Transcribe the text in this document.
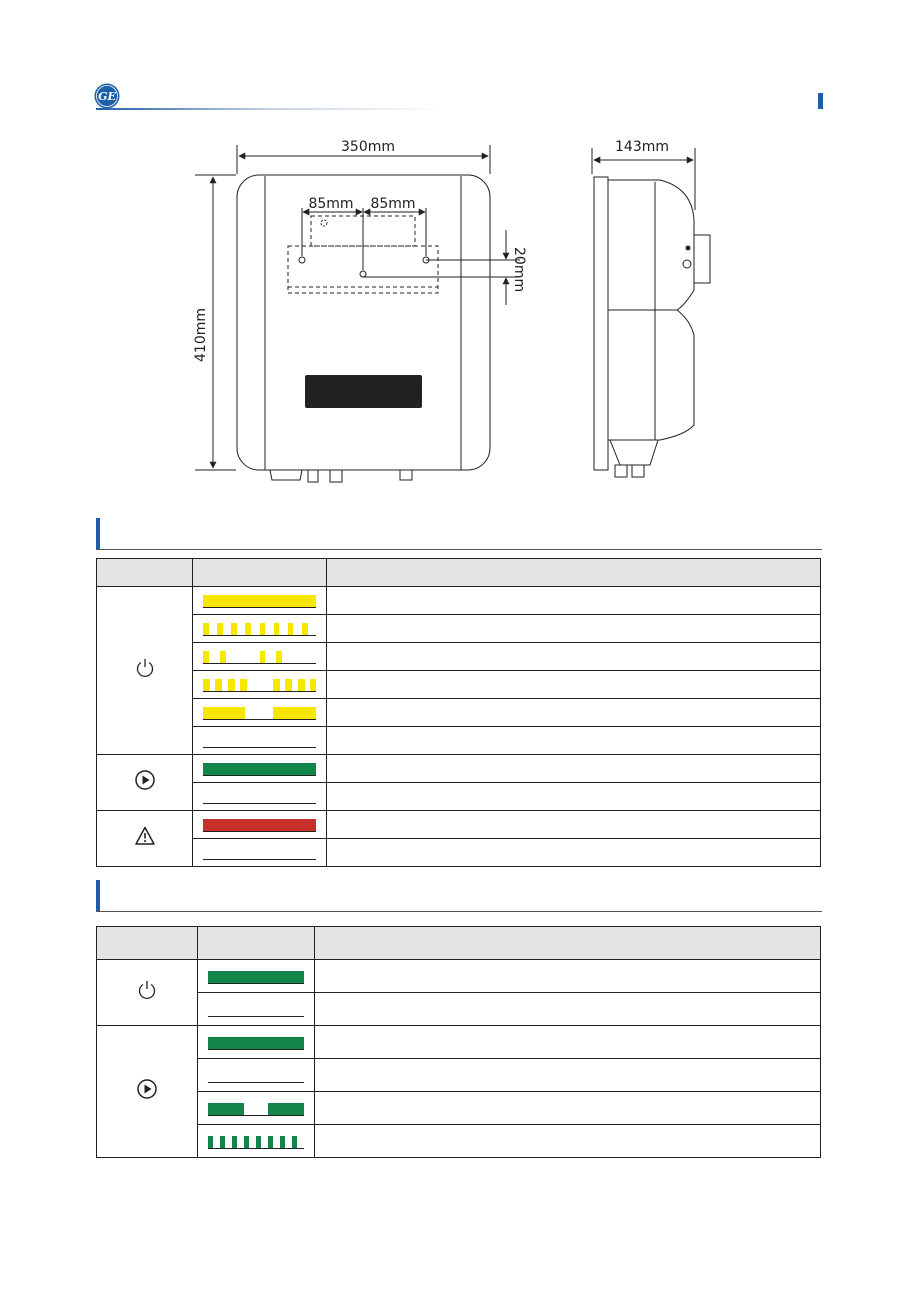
GE
350mm	143mm
85mm 85mm
20mm
410mm
